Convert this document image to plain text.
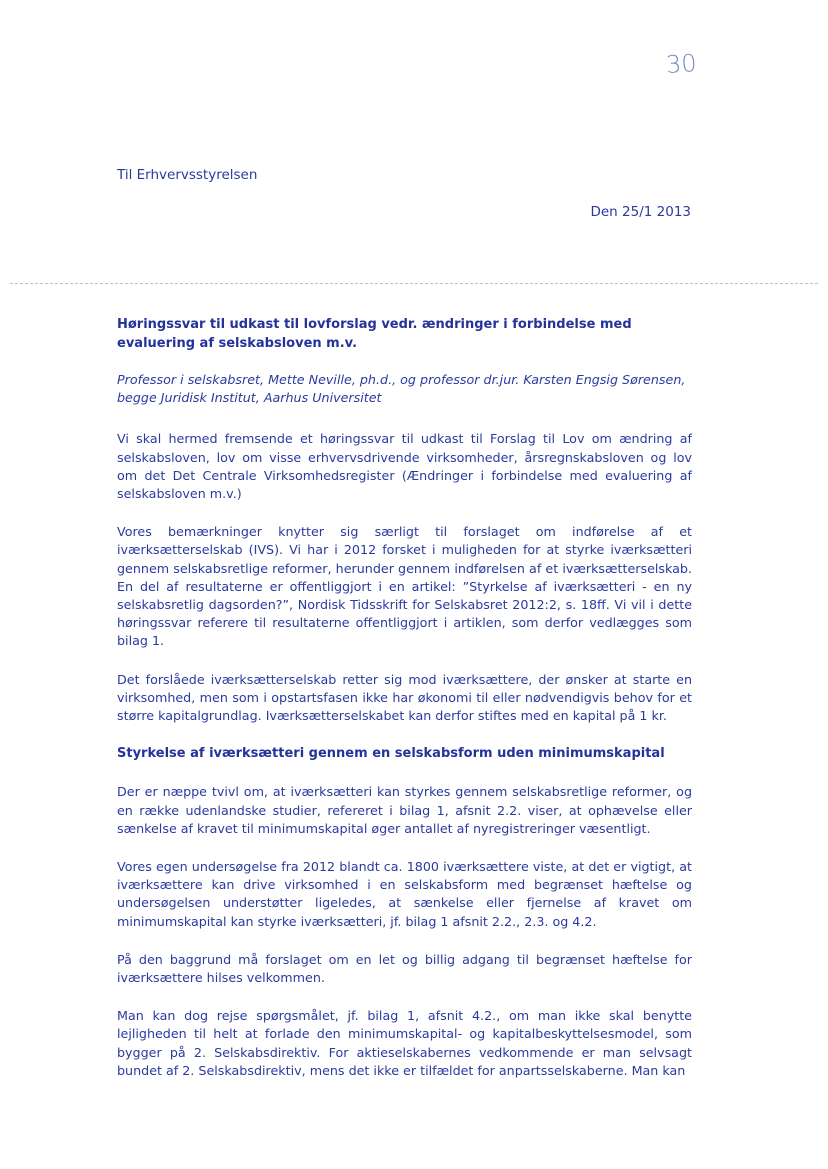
30
Til Erhvervsstyrelsen
Den 25/1 2013

Høringssvar til udkast til lovforslag vedr. ændringer i forbindelse med evaluering af selskabsloven m.v.

Professor i selskabsret, Mette Neville, ph.d., og professor dr.jur. Karsten Engsig Sørensen, begge Juridisk Institut, Aarhus Universitet

Vi skal hermed fremsende et høringssvar til udkast til Forslag til Lov om ændring af selskabsloven, lov om visse erhvervsdrivende virksomheder, årsregnskabsloven og lov om det Det Centrale Virksomhedsregister (Ændringer i forbindelse med evaluering af selskabsloven m.v.)

Vores bemærkninger knytter sig særligt til forslaget om indførelse af et iværksætterselskab (IVS). Vi har i 2012 forsket i muligheden for at styrke iværksætteri gennem selskabsretlige reformer, herunder gennem indførelsen af et iværksætterselskab. En del af resultaterne er offentliggjort i en artikel: ”Styrkelse af iværksætteri - en ny selskabsretlig dagsorden?”, Nordisk Tidsskrift for Selskabsret 2012:2, s. 18ff. Vi vil i dette høringssvar referere til resultaterne offentliggjort i artiklen, som derfor vedlægges som bilag 1.

Det forslåede iværksætterselskab retter sig mod iværksættere, der ønsker at starte en virksomhed, men som i opstartsfasen ikke har økonomi til eller nødvendigvis behov for et større kapitalgrundlag. Iværksætterselskabet kan derfor stiftes med en kapital på 1 kr.

Styrkelse af iværksætteri gennem en selskabsform uden minimumskapital

Der er næppe tvivl om, at iværksætteri kan styrkes gennem selskabsretlige reformer, og en række udenlandske studier, refereret i bilag 1, afsnit 2.2. viser, at ophævelse eller sænkelse af kravet til minimumskapital øger antallet af nyregistreringer væsentligt.

Vores egen undersøgelse fra 2012 blandt ca. 1800 iværksættere viste, at det er vigtigt, at iværksættere kan drive virksomhed i en selskabsform med begrænset hæftelse og undersøgelsen understøtter ligeledes, at sænkelse eller fjernelse af kravet om minimumskapital kan styrke iværksætteri, jf. bilag 1 afsnit 2.2., 2.3. og 4.2.

På den baggrund må forslaget om en let og billig adgang til begrænset hæftelse for iværksættere hilses velkommen.

Man kan dog rejse spørgsmålet, jf. bilag 1, afsnit 4.2., om man ikke skal benytte lejligheden til helt at forlade den minimumskapital- og kapitalbeskyttelsesmodel, som bygger på 2. Selskabsdirektiv. For aktieselskabernes vedkommende er man selvsagt bundet af 2. Selskabsdirektiv, mens det ikke er tilfældet for anpartsselskaberne. Man kan
